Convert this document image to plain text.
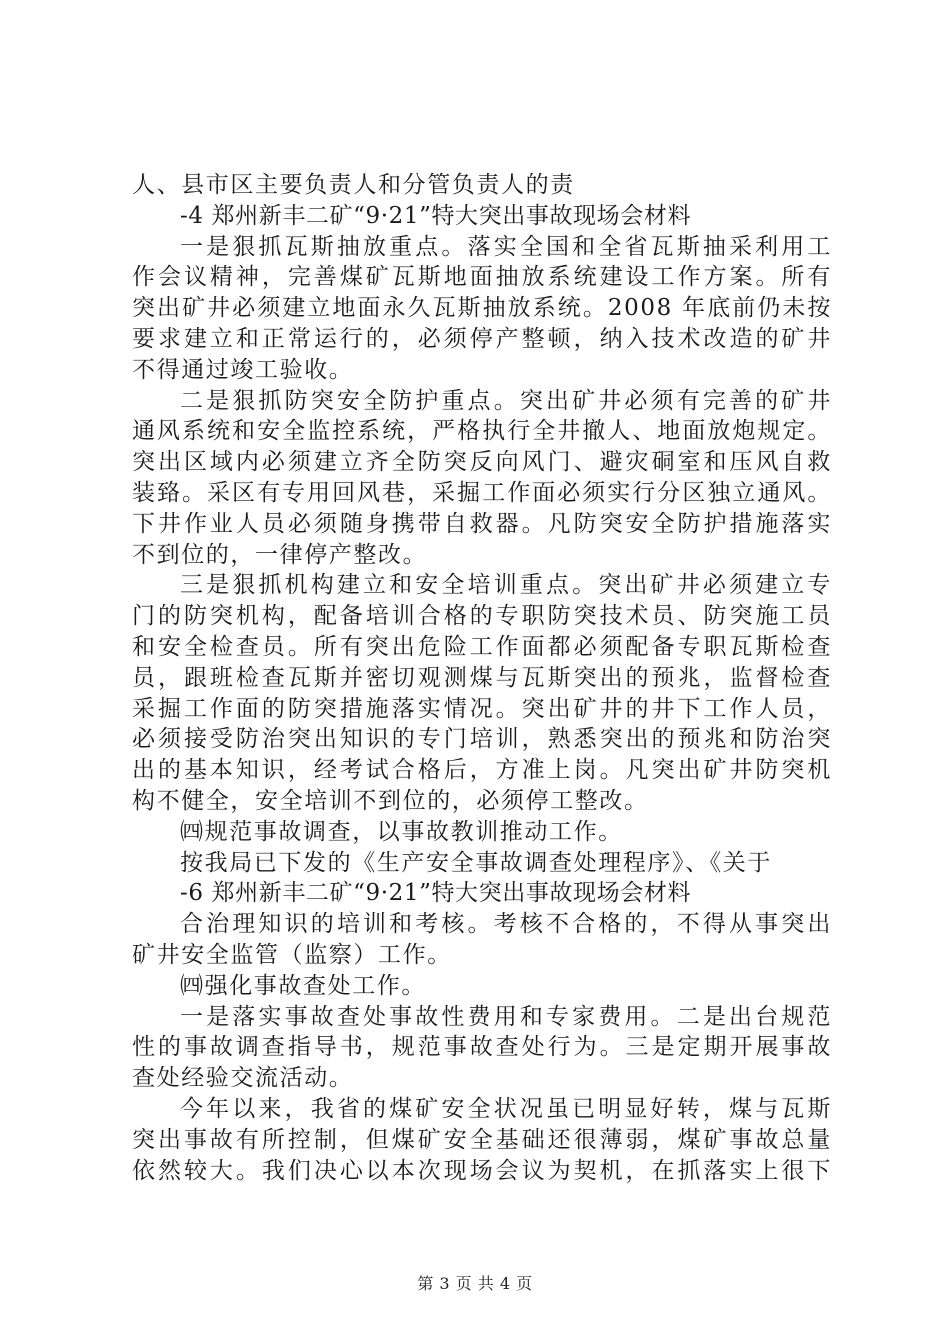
人、县市区主要负责人和分管负责人的责
-4 郑州新丰二矿“9·21”特大突出事故现场会材料
一是狠抓瓦斯抽放重点。落实全国和全省瓦斯抽采利用工
作会议精神，完善煤矿瓦斯地面抽放系统建设工作方案。所有
突出矿井必须建立地面永久瓦斯抽放系统。2008 年底前仍未按
要求建立和正常运行的，必须停产整顿，纳入技术改造的矿井
不得通过竣工验收。
二是狠抓防突安全防护重点。突出矿井必须有完善的矿井
通风系统和安全监控系统，严格执行全井撤人、地面放炮规定。
突出区域内必须建立齐全防突反向风门、避灾硐室和压风自救
装臵。采区有专用回风巷，采掘工作面必须实行分区独立通风。
下井作业人员必须随身携带自救器。凡防突安全防护措施落实
不到位的，一律停产整改。
三是狠抓机构建立和安全培训重点。突出矿井必须建立专
门的防突机构，配备培训合格的专职防突技术员、防突施工员
和安全检查员。所有突出危险工作面都必须配备专职瓦斯检查
员，跟班检查瓦斯并密切观测煤与瓦斯突出的预兆，监督检查
采掘工作面的防突措施落实情况。突出矿井的井下工作人员，
必须接受防治突出知识的专门培训，熟悉突出的预兆和防治突
出的基本知识，经考试合格后，方准上岗。凡突出矿井防突机
构不健全，安全培训不到位的，必须停工整改。
㈣规范事故调查，以事故教训推动工作。
按我局已下发的《生产安全事故调查处理程序》、《关于
-6 郑州新丰二矿“9·21”特大突出事故现场会材料
合治理知识的培训和考核。考核不合格的，不得从事突出
矿井安全监管（监察）工作。
㈣强化事故查处工作。
一是落实事故查处事故性费用和专家费用。二是出台规范
性的事故调查指导书，规范事故查处行为。三是定期开展事故
查处经验交流活动。
今年以来，我省的煤矿安全状况虽已明显好转，煤与瓦斯
突出事故有所控制，但煤矿安全基础还很薄弱，煤矿事故总量
依然较大。我们决心以本次现场会议为契机，在抓落实上很下
第 3 页 共 4 页
